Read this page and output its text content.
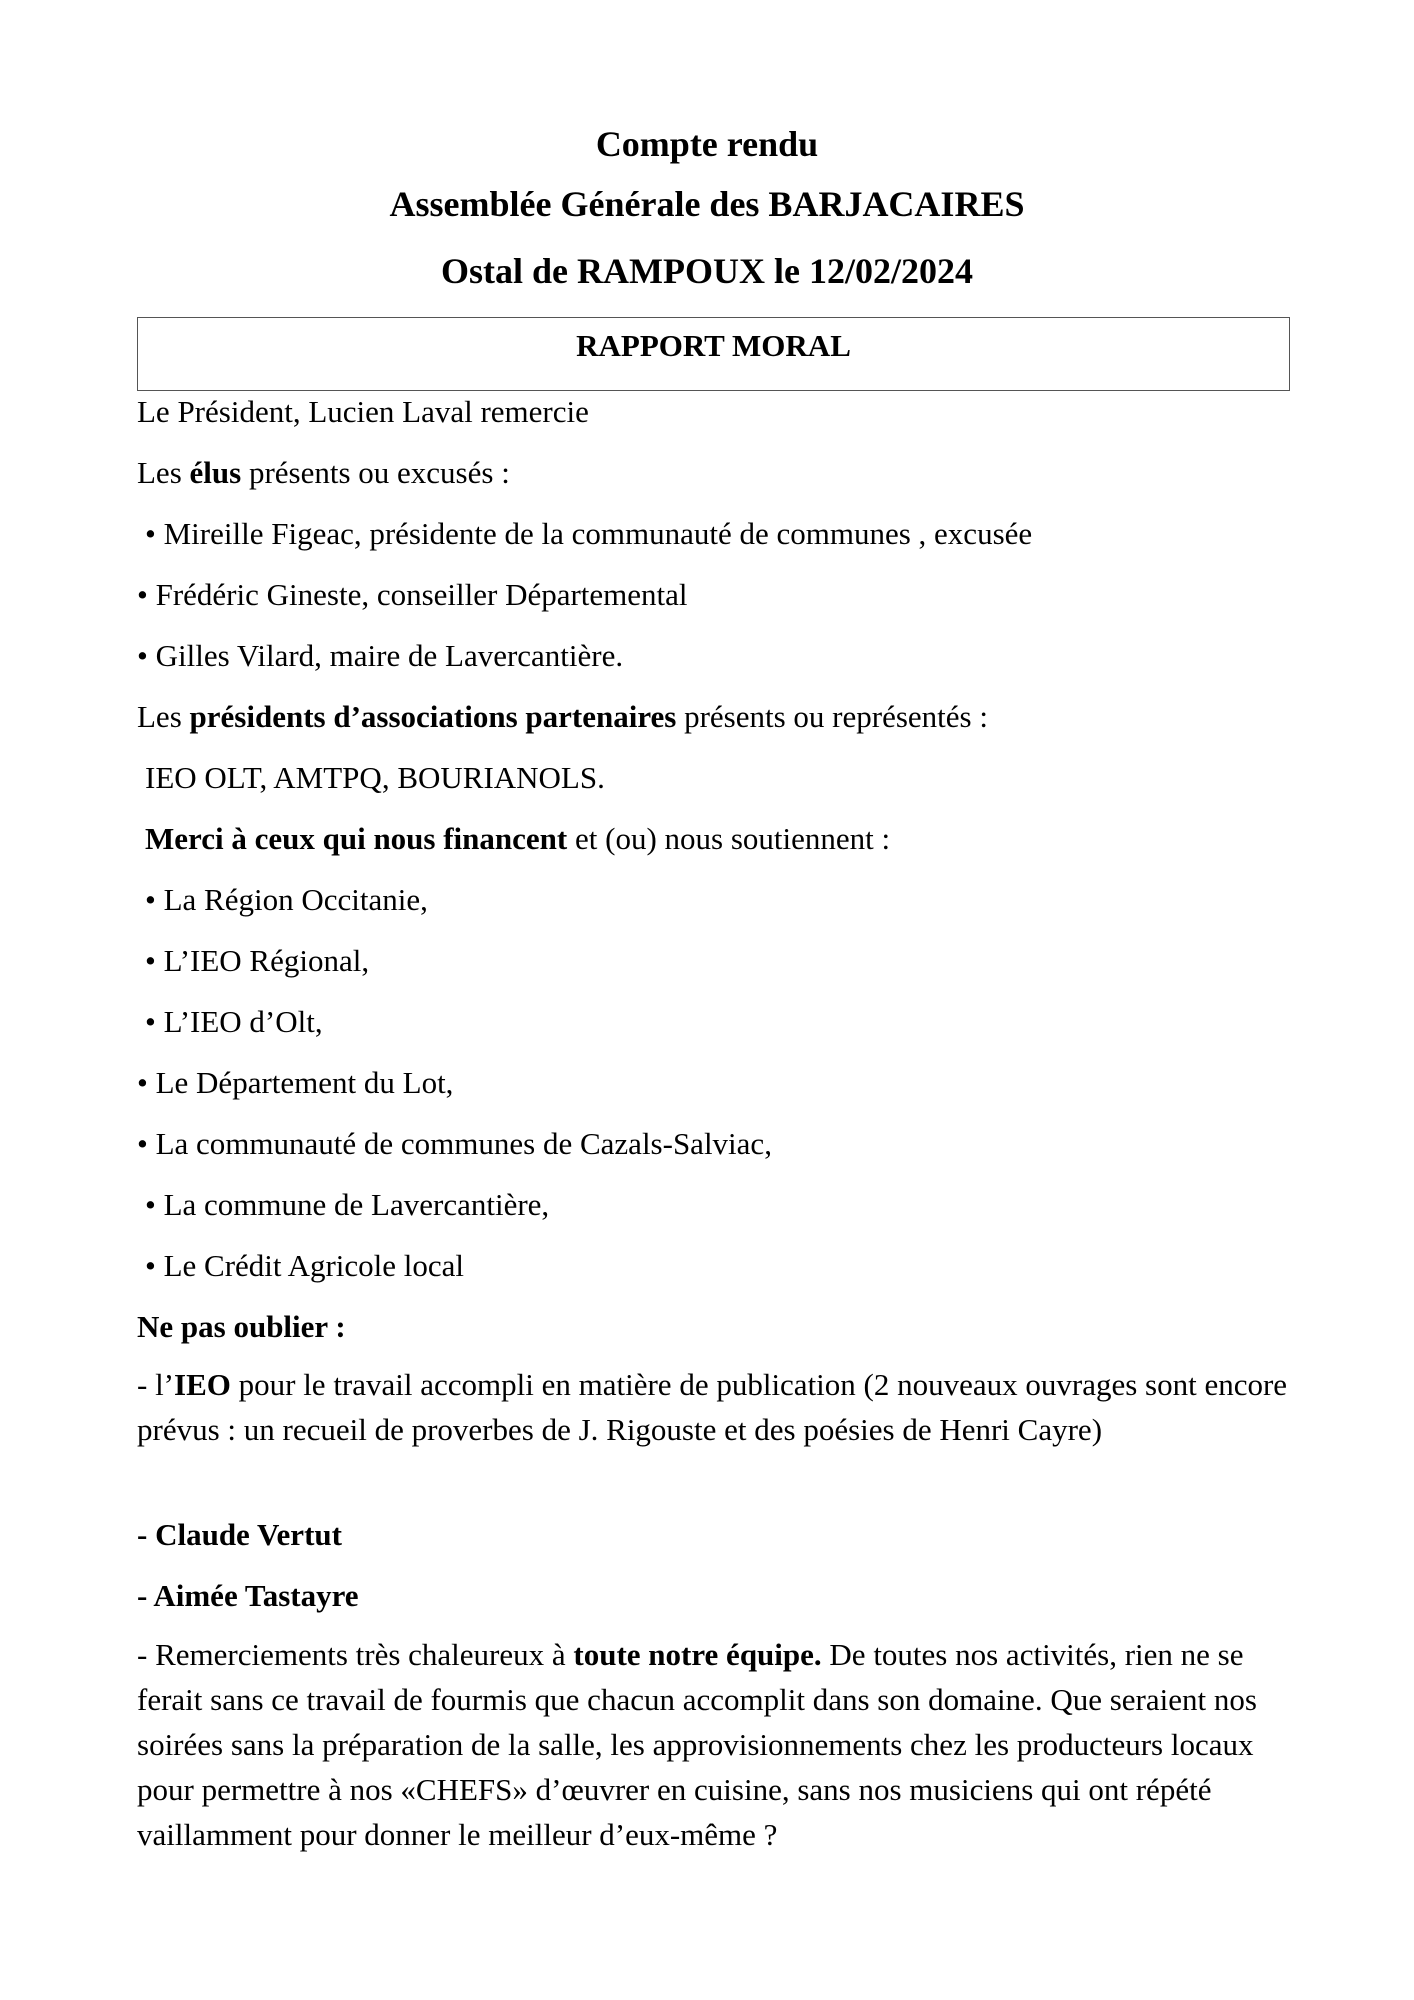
Compte rendu
Assemblée Générale des BARJACAIRES
Ostal de RAMPOUX le 12/02/2024
RAPPORT MORAL
Le Président, Lucien Laval remercie
Les élus présents ou excusés :
• Mireille Figeac, présidente de la communauté de communes , excusée
• Frédéric Gineste, conseiller Départemental
• Gilles Vilard, maire de Lavercantière.
Les présidents d’associations partenaires présents ou représentés :
IEO OLT, AMTPQ, BOURIANOLS.
Merci à ceux qui nous financent et (ou) nous soutiennent :
• La Région Occitanie,
• L’IEO Régional,
• L’IEO d’Olt,
• Le Département du Lot,
• La communauté de communes de Cazals-Salviac,
• La commune de Lavercantière,
• Le Crédit Agricole local
Ne pas oublier :
- l’IEO pour le travail accompli en matière de publication (2 nouveaux ouvrages sont encore prévus : un recueil de proverbes de J. Rigouste et des poésies de Henri Cayre)
- Claude Vertut
- Aimée Tastayre
- Remerciements très chaleureux à toute notre équipe. De toutes nos activités, rien ne se ferait sans ce travail de fourmis que chacun accomplit dans son domaine. Que seraient nos soirées sans la préparation de la salle, les approvisionnements chez les producteurs locaux pour permettre à nos «CHEFS» d’œuvrer en cuisine, sans nos musiciens qui ont répété vaillamment pour donner le meilleur d’eux-même ?
